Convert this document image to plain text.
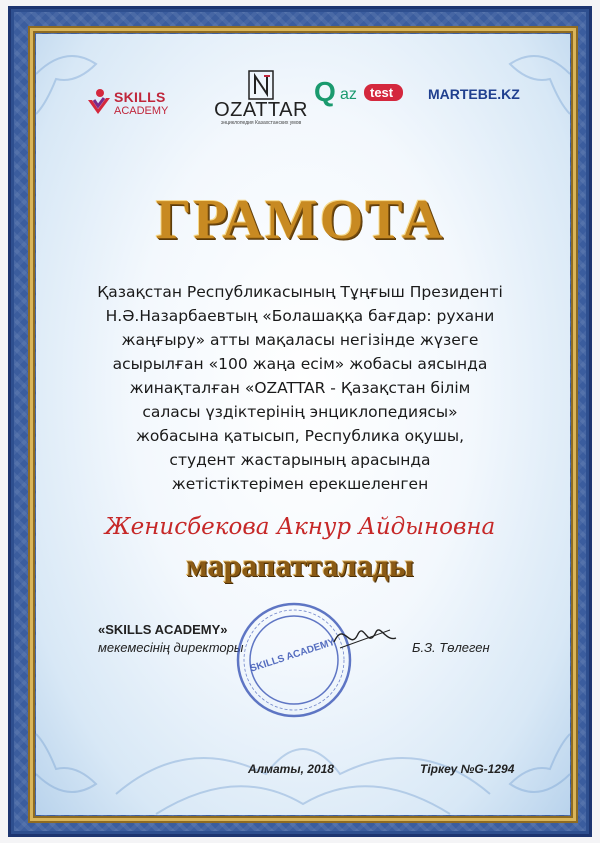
SKILLS
ACADEMY	OZATTAR
энциклопедия Казахстанских умов
Q az	test	MARTEBE.KZ
ГРАМОТА
Қазақстан Республикасының Тұңғыш Президенті
Н.Ә.Назарбаевтың «Болашаққа бағдар: рухани
жаңғыру» атты мақаласы негізінде жүзеге
асырылған «100 жаңа есім» жобасы аясында
жинақталған «OZATTAR - Қазақстан білім
саласы үздіктерінің энциклопедиясы»
жобасына қатысып, Республика оқушы,
студент жастарының арасында
жетістіктерімен ерекшеленген
Женисбекова Акнур Айдыновна
марапатталады
«SKILLS ACADEMY»
мекемесінің директоры	Б.З. Төлеген
SKILLS ACADEMY
Алматы, 2018	Тіркеу №G-1294
